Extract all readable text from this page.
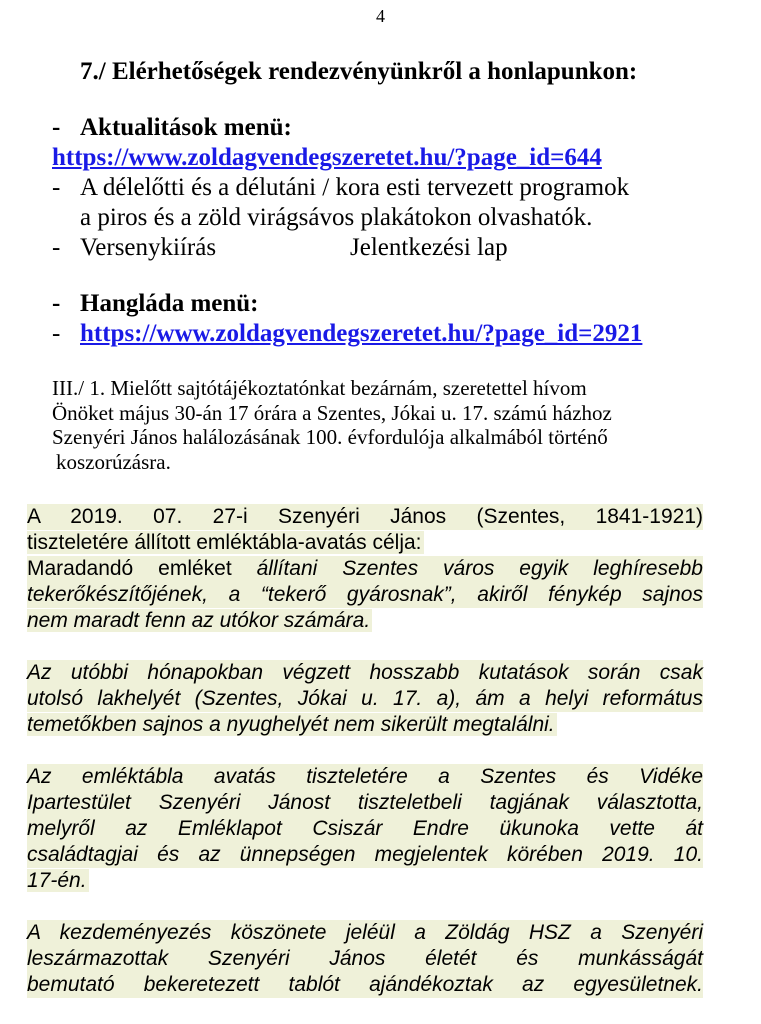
4
7./ Elérhetőségek rendezvényünkről a honlapunkon:
- Aktualitások menü:
https://www.zoldagvendegszeretet.hu/?page_id=644
- A délelőtti és a délutáni / kora esti tervezett programok
a piros és a zöld virágsávos plakátokon olvashatók.
- Versenykiírás	Jelentkezési lap
- Hangláda menü:
- https://www.zoldagvendegszeretet.hu/?page_id=2921
III./ 1. Mielőtt sajtótájékoztatónkat bezárnám, szeretettel hívom
Önöket május 30-án 17 órára a Szentes, Jókai u. 17. számú házhoz
Szenyéri János halálozásának 100. évfordulója alkalmából történő
koszorúzásra.
A 2019. 07. 27-i Szenyéri János (Szentes, 1841-1921)
tiszteletére állított emléktábla-avatás célja:
Maradandó emléket állítani Szentes város egyik leghíresebb
tekerőkészítőjének, a “tekerő gyárosnak”, akiről fénykép sajnos
nem maradt fenn az utókor számára.
Az utóbbi hónapokban végzett hosszabb kutatások során csak
utolsó lakhelyét (Szentes, Jókai u. 17. a), ám a helyi református
temetőkben sajnos a nyughelyét nem sikerült megtalálni.
Az emléktábla avatás tiszteletére a Szentes és Vidéke
Ipartestület Szenyéri Jánost tiszteletbeli tagjának választotta,
melyről az Emléklapot Csiszár Endre ükunoka vette át
családtagjai és az ünnepségen megjelentek körében 2019. 10.
17-én.
A kezdeményezés köszönete jeléül a Zöldág HSZ a Szenyéri
leszármazottak Szenyéri János életét és munkásságát
bemutató bekeretezett tablót ajándékoztak az egyesületnek.
